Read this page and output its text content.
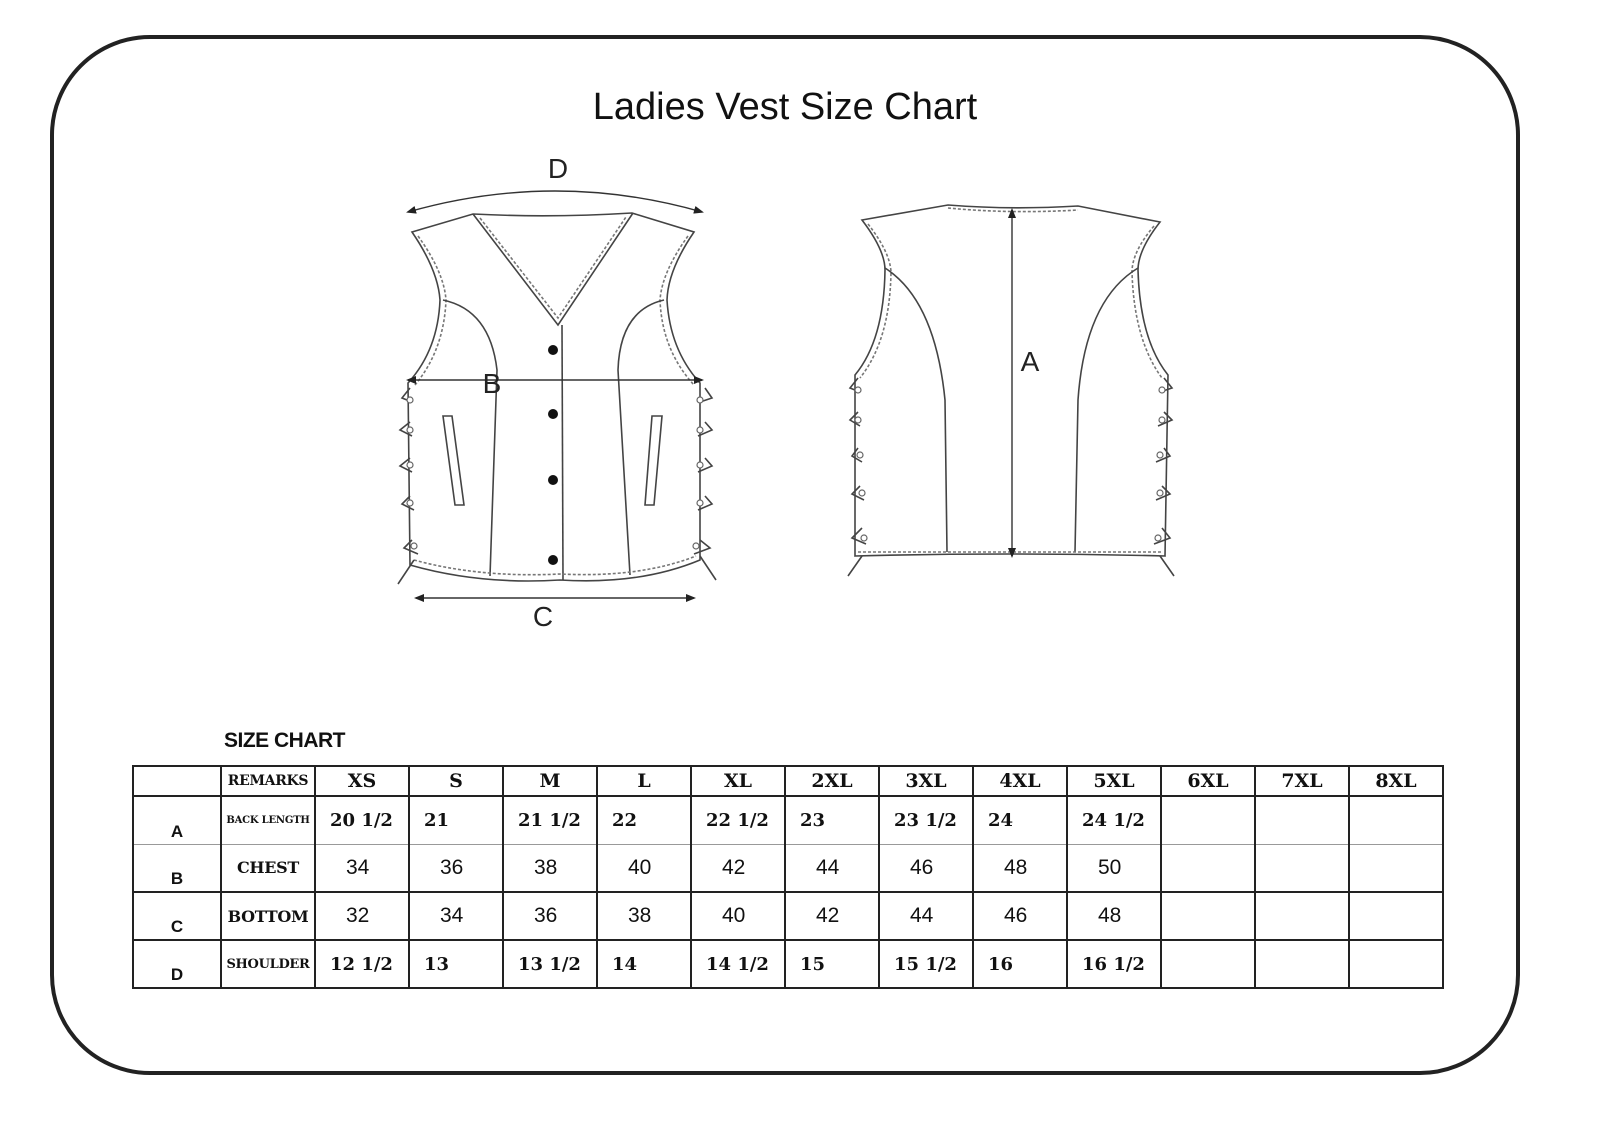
Ladies Vest Size Chart
D
B
C
A
SIZE CHART
	REMARKS	XS	S	M	L	XL	2XL	3XL	4XL	5XL	6XL	7XL	8XL
A	BACK LENGTH	20 1/2	21	21 1/2	22	22 1/2	23	23 1/2	24	24 1/2			
B	CHEST	34	36	38	40	42	44	46	48	50			
C	BOTTOM	32	34	36	38	40	42	44	46	48			
D	SHOULDER	12 1/2	13	13 1/2	14	14 1/2	15	15 1/2	16	16 1/2			
